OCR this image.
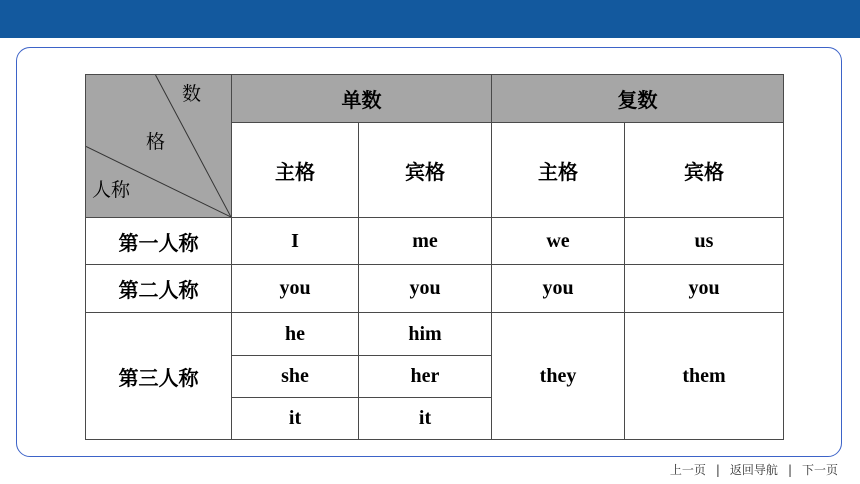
数
格
人称	单数		复数	
	主格	宾格	主格	宾格
第一人称	I	me	we	us
第二人称	you	you	you	you
第三人称	he	him	they	them
	she	her		
	it	it		
上一页 | 返回导航 | 下一页
